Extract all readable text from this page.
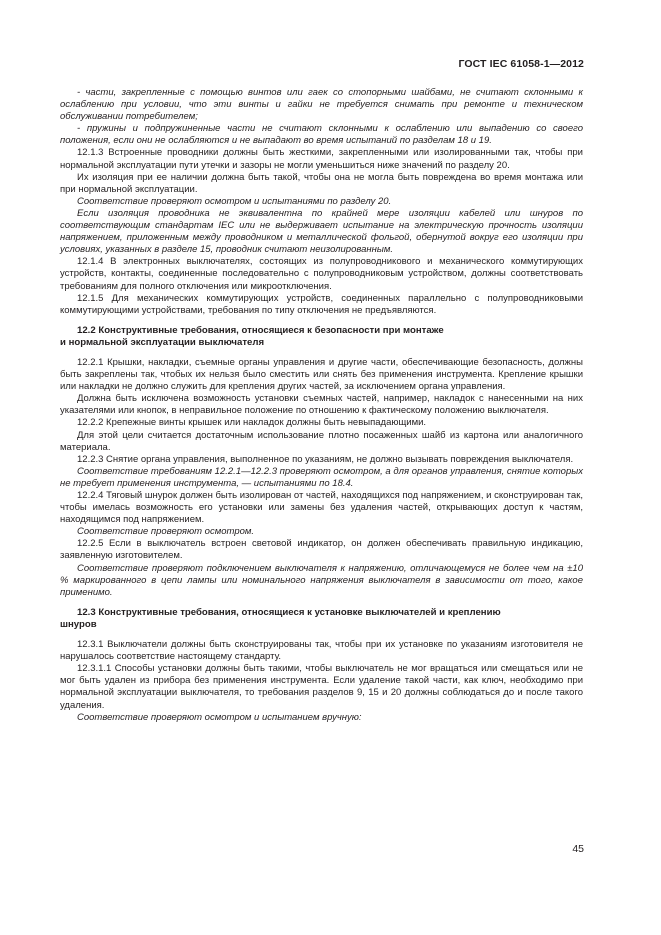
ГОСТ IEC 61058-1—2012

- части, закрепленные с помощью винтов или гаек со стопорными шайбами, не считают склонными к ослаблению при условии, что эти винты и гайки не требуется снимать при ремонте и техническом обслуживании потребителем;

- пружины и подпружиненные части не считают склонными к ослаблению или выпадению со своего положения, если они не ослабляются и не выпадают во время испытаний по разделам 18 и 19.

12.1.3 Встроенные проводники должны быть жесткими, закрепленными или изолированными так, чтобы при нормальной эксплуатации пути утечки и зазоры не могли уменьшиться ниже значений по разделу 20.

Их изоляция при ее наличии должна быть такой, чтобы она не могла быть повреждена во время монтажа или при нормальной эксплуатации.

Соответствие проверяют осмотром и испытаниями по разделу 20.

Если изоляция проводника не эквивалентна по крайней мере изоляции кабелей или шнуров по соответствующим стандартам IEC или не выдерживает испытание на электрическую прочность изоляции напряжением, приложенным между проводником и металлической фольгой, обернутой вокруг его изоляции при условиях, указанных в разделе 15, проводник считают неизолированным.

12.1.4 В электронных выключателях, состоящих из полупроводникового и механического коммутирующих устройств, контакты, соединенные последовательно с полупроводниковым устройством, должны соответствовать требованиям для полного отключения или микроотключения.

12.1.5 Для механических коммутирующих устройств, соединенных параллельно с полупроводниковыми коммутирующими устройствами, требования по типу отключения не предъявляются.

12.2 Конструктивные требования, относящиеся к безопасности при монтаже
и нормальной эксплуатации выключателя

12.2.1 Крышки, накладки, съемные органы управления и другие части, обеспечивающие безопасность, должны быть закреплены так, чтобых их нельзя было сместить или снять без применения инструмента. Крепление крышки или накладки не должно служить для крепления других частей, за исключением органа управления.

Должна быть исключена возможность установки съемных частей, например, накладок с нанесенными на них указателями или кнопок, в неправильное положение по отношению к фактическому положению выключателя.

12.2.2 Крепежные винты крышек или накладок должны быть невыпадающими.

Для этой цели считается достаточным использование плотно посаженных шайб из картона или аналогичного материала.

12.2.3 Снятие органа управления, выполненное по указаниям, не должно вызывать повреждения выключателя.

Соответствие требованиям 12.2.1—12.2.3 проверяют осмотром, а для органов управления, снятие которых не требует применения инструмента, — испытаниями по 18.4.

12.2.4 Тяговый шнурок должен быть изолирован от частей, находящихся под напряжением, и сконструирован так, чтобы имелась возможность его установки или замены без удаления частей, открывающих доступ к частям, находящимся под напряжением.

Соответствие проверяют осмотром.

12.2.5 Если в выключатель встроен световой индикатор, он должен обеспечивать правильную индикацию, заявленную изготовителем.

Соответствие проверяют подключением выключателя к напряжению, отличающемуся не более чем на ±10 % маркированного в цепи лампы или номинального напряжения выключателя в зависимости от того, какое применимо.

12.3 Конструктивные требования, относящиеся к установке выключателей и креплению
шнуров

12.3.1 Выключатели должны быть сконструированы так, чтобы при их установке по указаниям изготовителя не нарушалось соответствие настоящему стандарту.

12.3.1.1 Способы установки должны быть такими, чтобы выключатель не мог вращаться или смещаться или не мог быть удален из прибора без применения инструмента. Если удаление такой части, как ключ, необходимо при нормальной эксплуатации выключателя, то требования разделов 9, 15 и 20 должны соблюдаться до и после такого удаления.

Соответствие проверяют осмотром и испытанием вручную:

45
